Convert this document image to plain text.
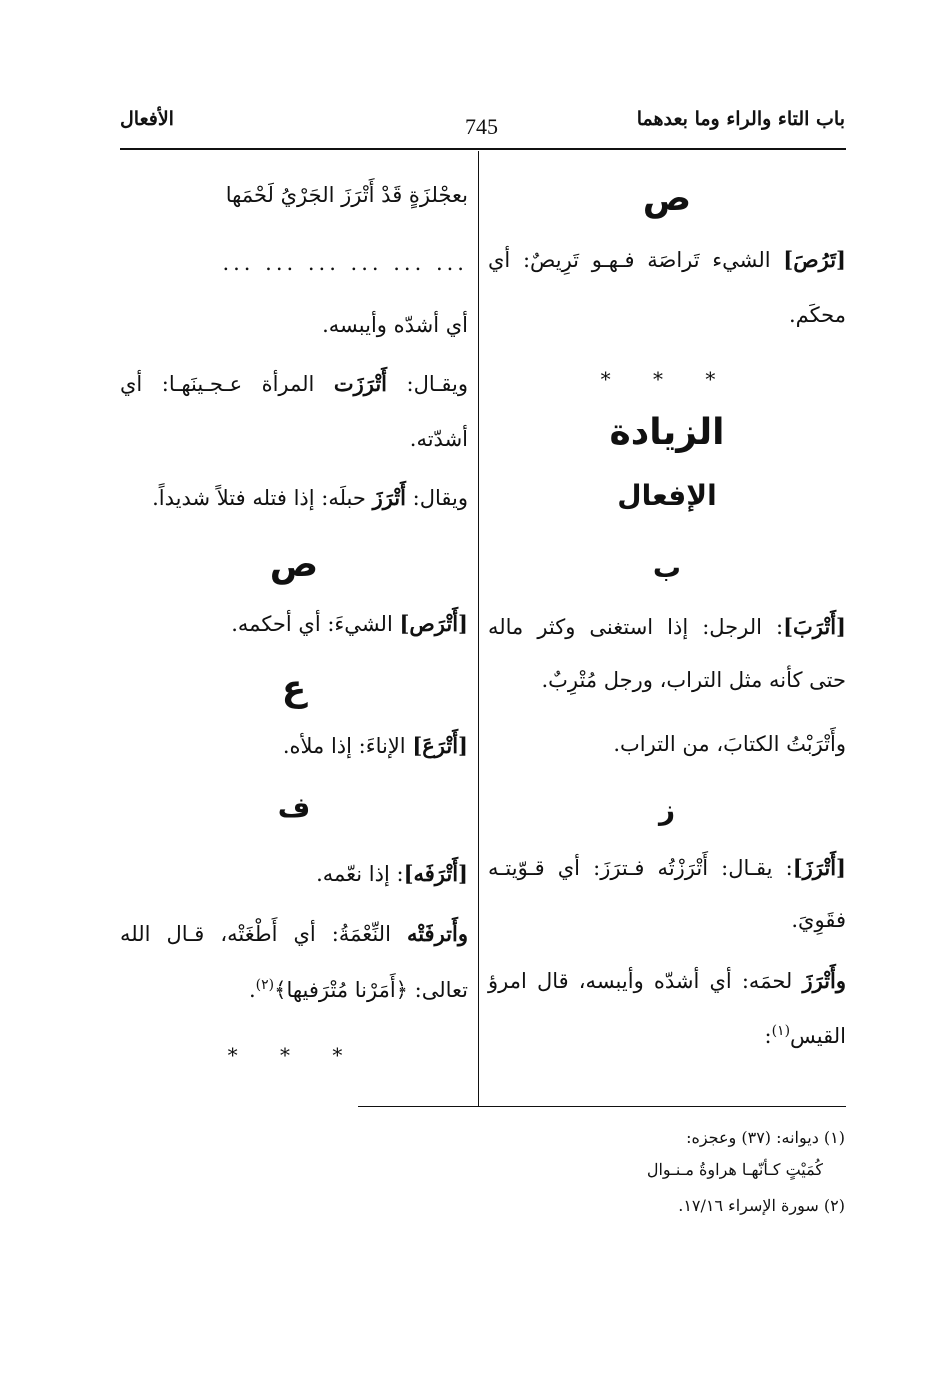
باب التاء والراء وما بعدهما
745
الأفعال
ص
[تَرُصَ] الشيء تَراصَة فـهـو تَرِيصٌ: أي
محكَم.
* * *
الزيادة
الإفعال
ب
[أَتْرَبَ]: الرجل: إذا استغنى وكثر ماله
حتى كأنه مثل التراب، ورجل مُتْرِبٌ.
وأَتْرَبْتُ الكتابَ، من التراب.
ز
[أَتْرَزَ]: يقـال: أَتْرَزْتُه فـترَزَ: أي قـوّيتـه
فقَوِيَ.
وأَتْرَزَ لحمَه: أي أشدّه وأيبسه، قال امرؤ
القيس$^{(١)}$:
بعجْلزَةٍ قَدْ أَتْرَزَ الجَرْيُ لَحْمَها
... ... ... ... ... ...
أي أشدّه وأيبسه.
ويقـال: أَتْرَزَت المرأة عـجـينَهـا: أي
أشدّته.
ويقال: أَتْرَزَ حبلَه: إذا فتله فتلاً شديداً.
ص
[أَتْرَص] الشيءَ: أي أحكمه.
ع
[أَتْرَعَ] الإناءَ: إذا ملأه.
ف
[أَتْرَفَه]: إذا نعّمه.
وأَترفَتْه النِّعْمَةُ: أي أَطْغَتْه، قـال الله
تعالى: ﴿أَمَرْنا مُتْرَفيها﴾$^{(٢)}$.
* * *
(١) ديوانه: (٣٧) وعجزه:
كُمَيْتٍ كـأنّهـا هراوةُ مـنـوال
(٢) سورة الإسراء ١٧/١٦.
